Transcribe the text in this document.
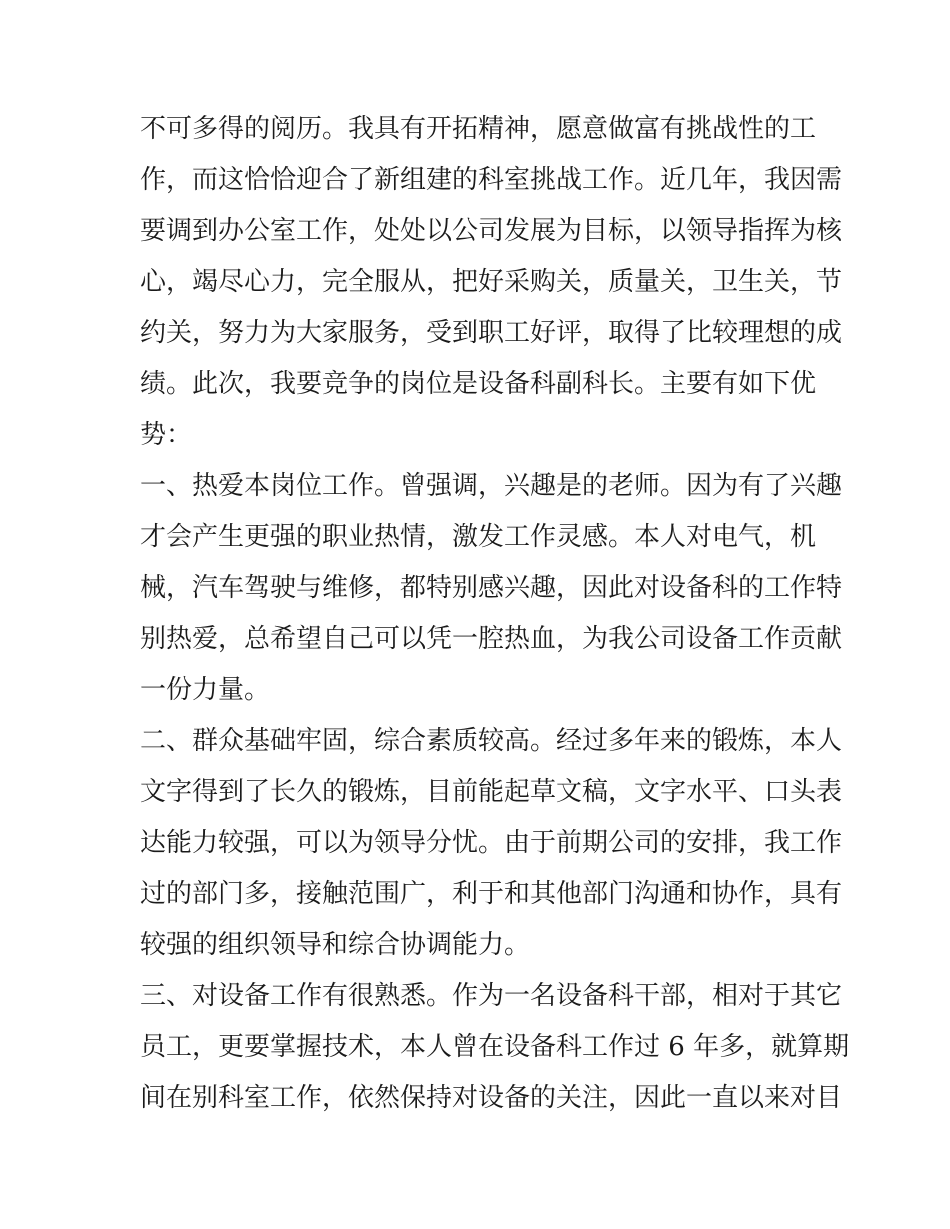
不可多得的阅历。我具有开拓精神，愿意做富有挑战性的工
作，而这恰恰迎合了新组建的科室挑战工作。近几年，我因需
要调到办公室工作，处处以公司发展为目标，以领导指挥为核
心，竭尽心力，完全服从，把好采购关，质量关，卫生关，节
约关，努力为大家服务，受到职工好评，取得了比较理想的成
绩。此次，我要竞争的岗位是设备科副科长。主要有如下优
势：
一、热爱本岗位工作。曾强调，兴趣是的老师。因为有了兴趣
才会产生更强的职业热情，激发工作灵感。本人对电气，机
械，汽车驾驶与维修，都特别感兴趣，因此对设备科的工作特
别热爱，总希望自己可以凭一腔热血，为我公司设备工作贡献
一份力量。
二、群众基础牢固，综合素质较高。经过多年来的锻炼，本人
文字得到了长久的锻炼，目前能起草文稿，文字水平、口头表
达能力较强，可以为领导分忧。由于前期公司的安排，我工作
过的部门多，接触范围广，利于和其他部门沟通和协作，具有
较强的组织领导和综合协调能力。
三、对设备工作有很熟悉。作为一名设备科干部，相对于其它
员工，更要掌握技术，本人曾在设备科工作过 6 年多，就算期
间在别科室工作，依然保持对设备的关注，因此一直以来对目
